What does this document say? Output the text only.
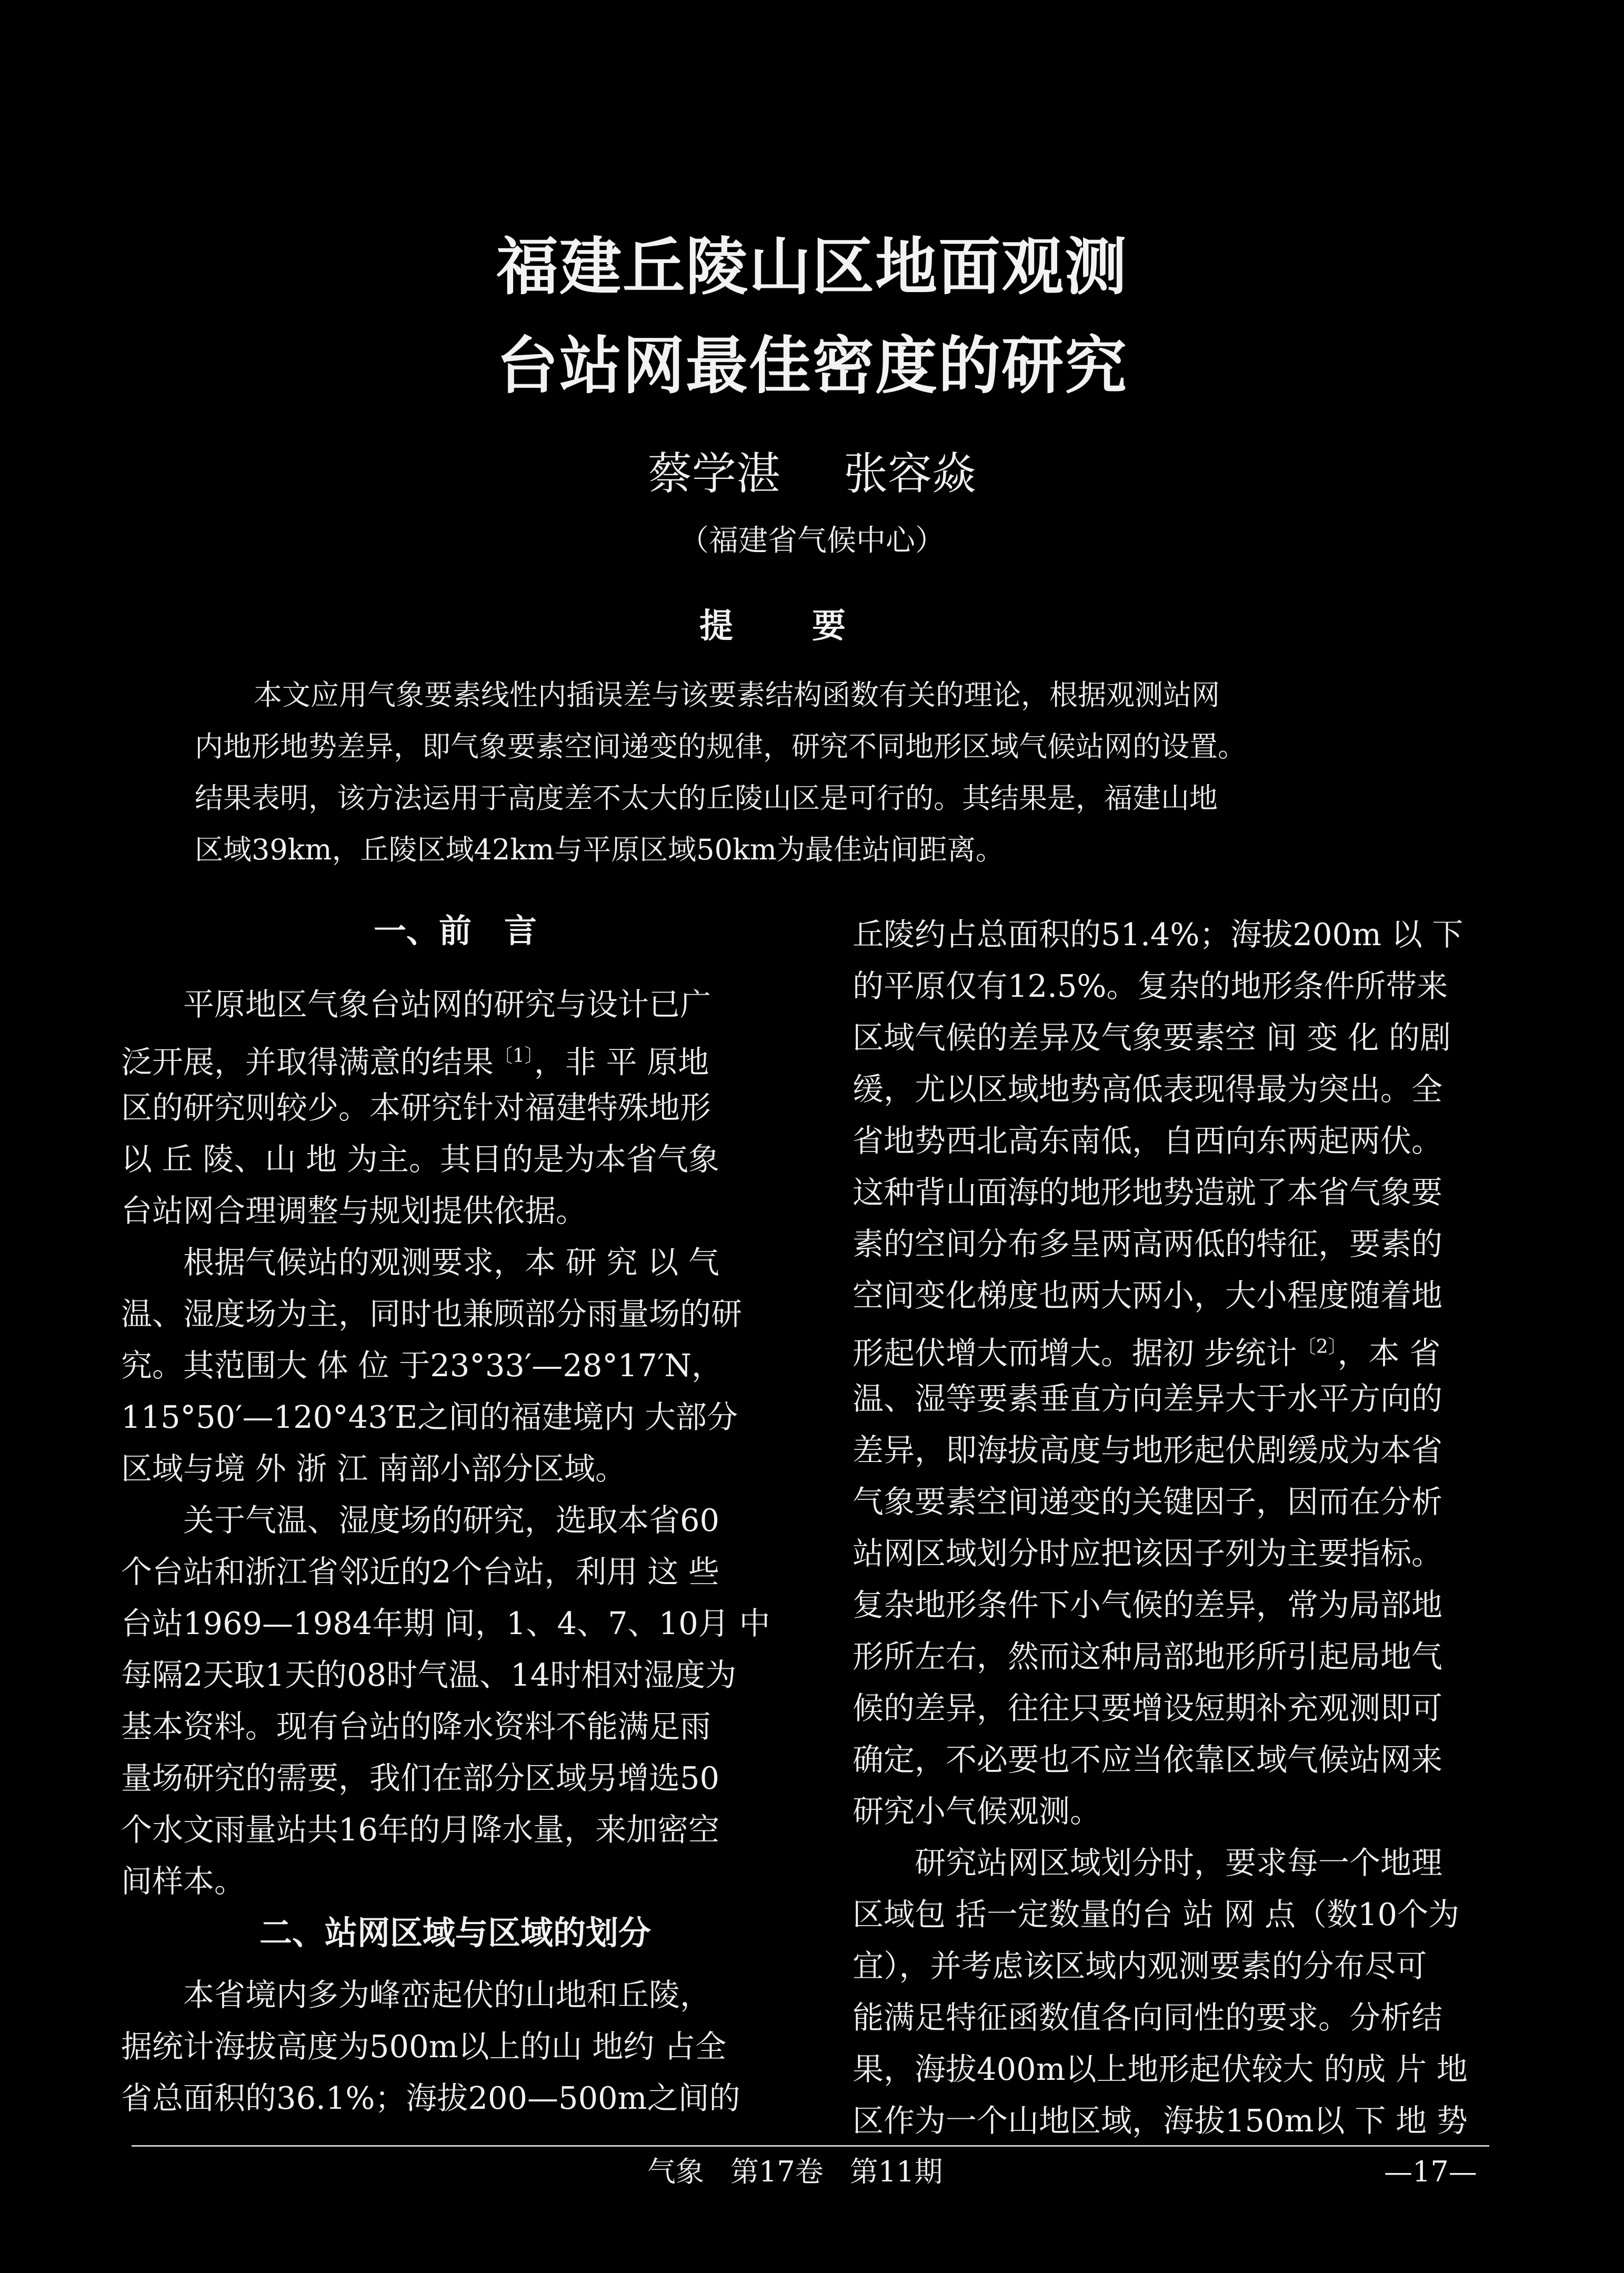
福建丘陵山区地面观测
台站网最佳密度的研究
蔡学湛 张容焱
（福建省气候中心）
提要
本文应用气象要素线性内插误差与该要素结构函数有关的理论，根据观测站网
内地形地势差异，即气象要素空间递变的规律，研究不同地形区域气候站网的设置。
结果表明，该方法运用于高度差不太大的丘陵山区是可行的。其结果是，福建山地
区域39km，丘陵区域42km与平原区域50km为最佳站间距离。
一、前　言
平原地区气象台站网的研究与设计已广
泛开展，并取得满意的结果$^{〔1〕}$，非 平 原地
区的研究则较少。本研究针对福建特殊地形
以 丘 陵、山 地 为主。其目的是为本省气象
台站网合理调整与规划提供依据。
根据气候站的观测要求，本 研 究 以 气
温、湿度场为主，同时也兼顾部分雨量场的研
究。其范围大 体 位 于23°33′—28°17′N，
115°50′—120°43′E之间的福建境内 大部分
区域与境 外 浙 江 南部小部分区域。
关于气温、湿度场的研究，选取本省60
个台站和浙江省邻近的2个台站，利用 这 些
台站1969—1984年期 间，1、4、7、10月 中
每隔2天取1天的08时气温、14时相对湿度为
基本资料。现有台站的降水资料不能满足雨
量场研究的需要，我们在部分区域另增选50
个水文雨量站共16年的月降水量，来加密空
间样本。
二、站网区域与区域的划分
本省境内多为峰峦起伏的山地和丘陵，
据统计海拔高度为500m以上的山 地约 占全
省总面积的36.1%；海拔200—500m之间的
丘陵约占总面积的51.4%；海拔200m 以 下
的平原仅有12.5%。复杂的地形条件所带来
区域气候的差异及气象要素空 间 变 化 的剧
缓，尤以区域地势高低表现得最为突出。全
省地势西北高东南低，自西向东两起两伏。
这种背山面海的地形地势造就了本省气象要
素的空间分布多呈两高两低的特征，要素的
空间变化梯度也两大两小，大小程度随着地
形起伏增大而增大。据初 步统计$^{〔2〕}$，本 省
温、湿等要素垂直方向差异大于水平方向的
差异，即海拔高度与地形起伏剧缓成为本省
气象要素空间递变的关键因子，因而在分析
站网区域划分时应把该因子列为主要指标。
复杂地形条件下小气候的差异，常为局部地
形所左右，然而这种局部地形所引起局地气
候的差异，往往只要增设短期补充观测即可
确定，不必要也不应当依靠区域气候站网来
研究小气候观测。
研究站网区域划分时，要求每一个地理
区域包 括一定数量的台 站 网 点（数10个为
宜），并考虑该区域内观测要素的分布尽可
能满足特征函数值各向同性的要求。分析结
果，海拔400m以上地形起伏较大 的成 片 地
区作为一个山地区域，海拔150m以 下 地 势
气象 第17卷 第11期	—17—
